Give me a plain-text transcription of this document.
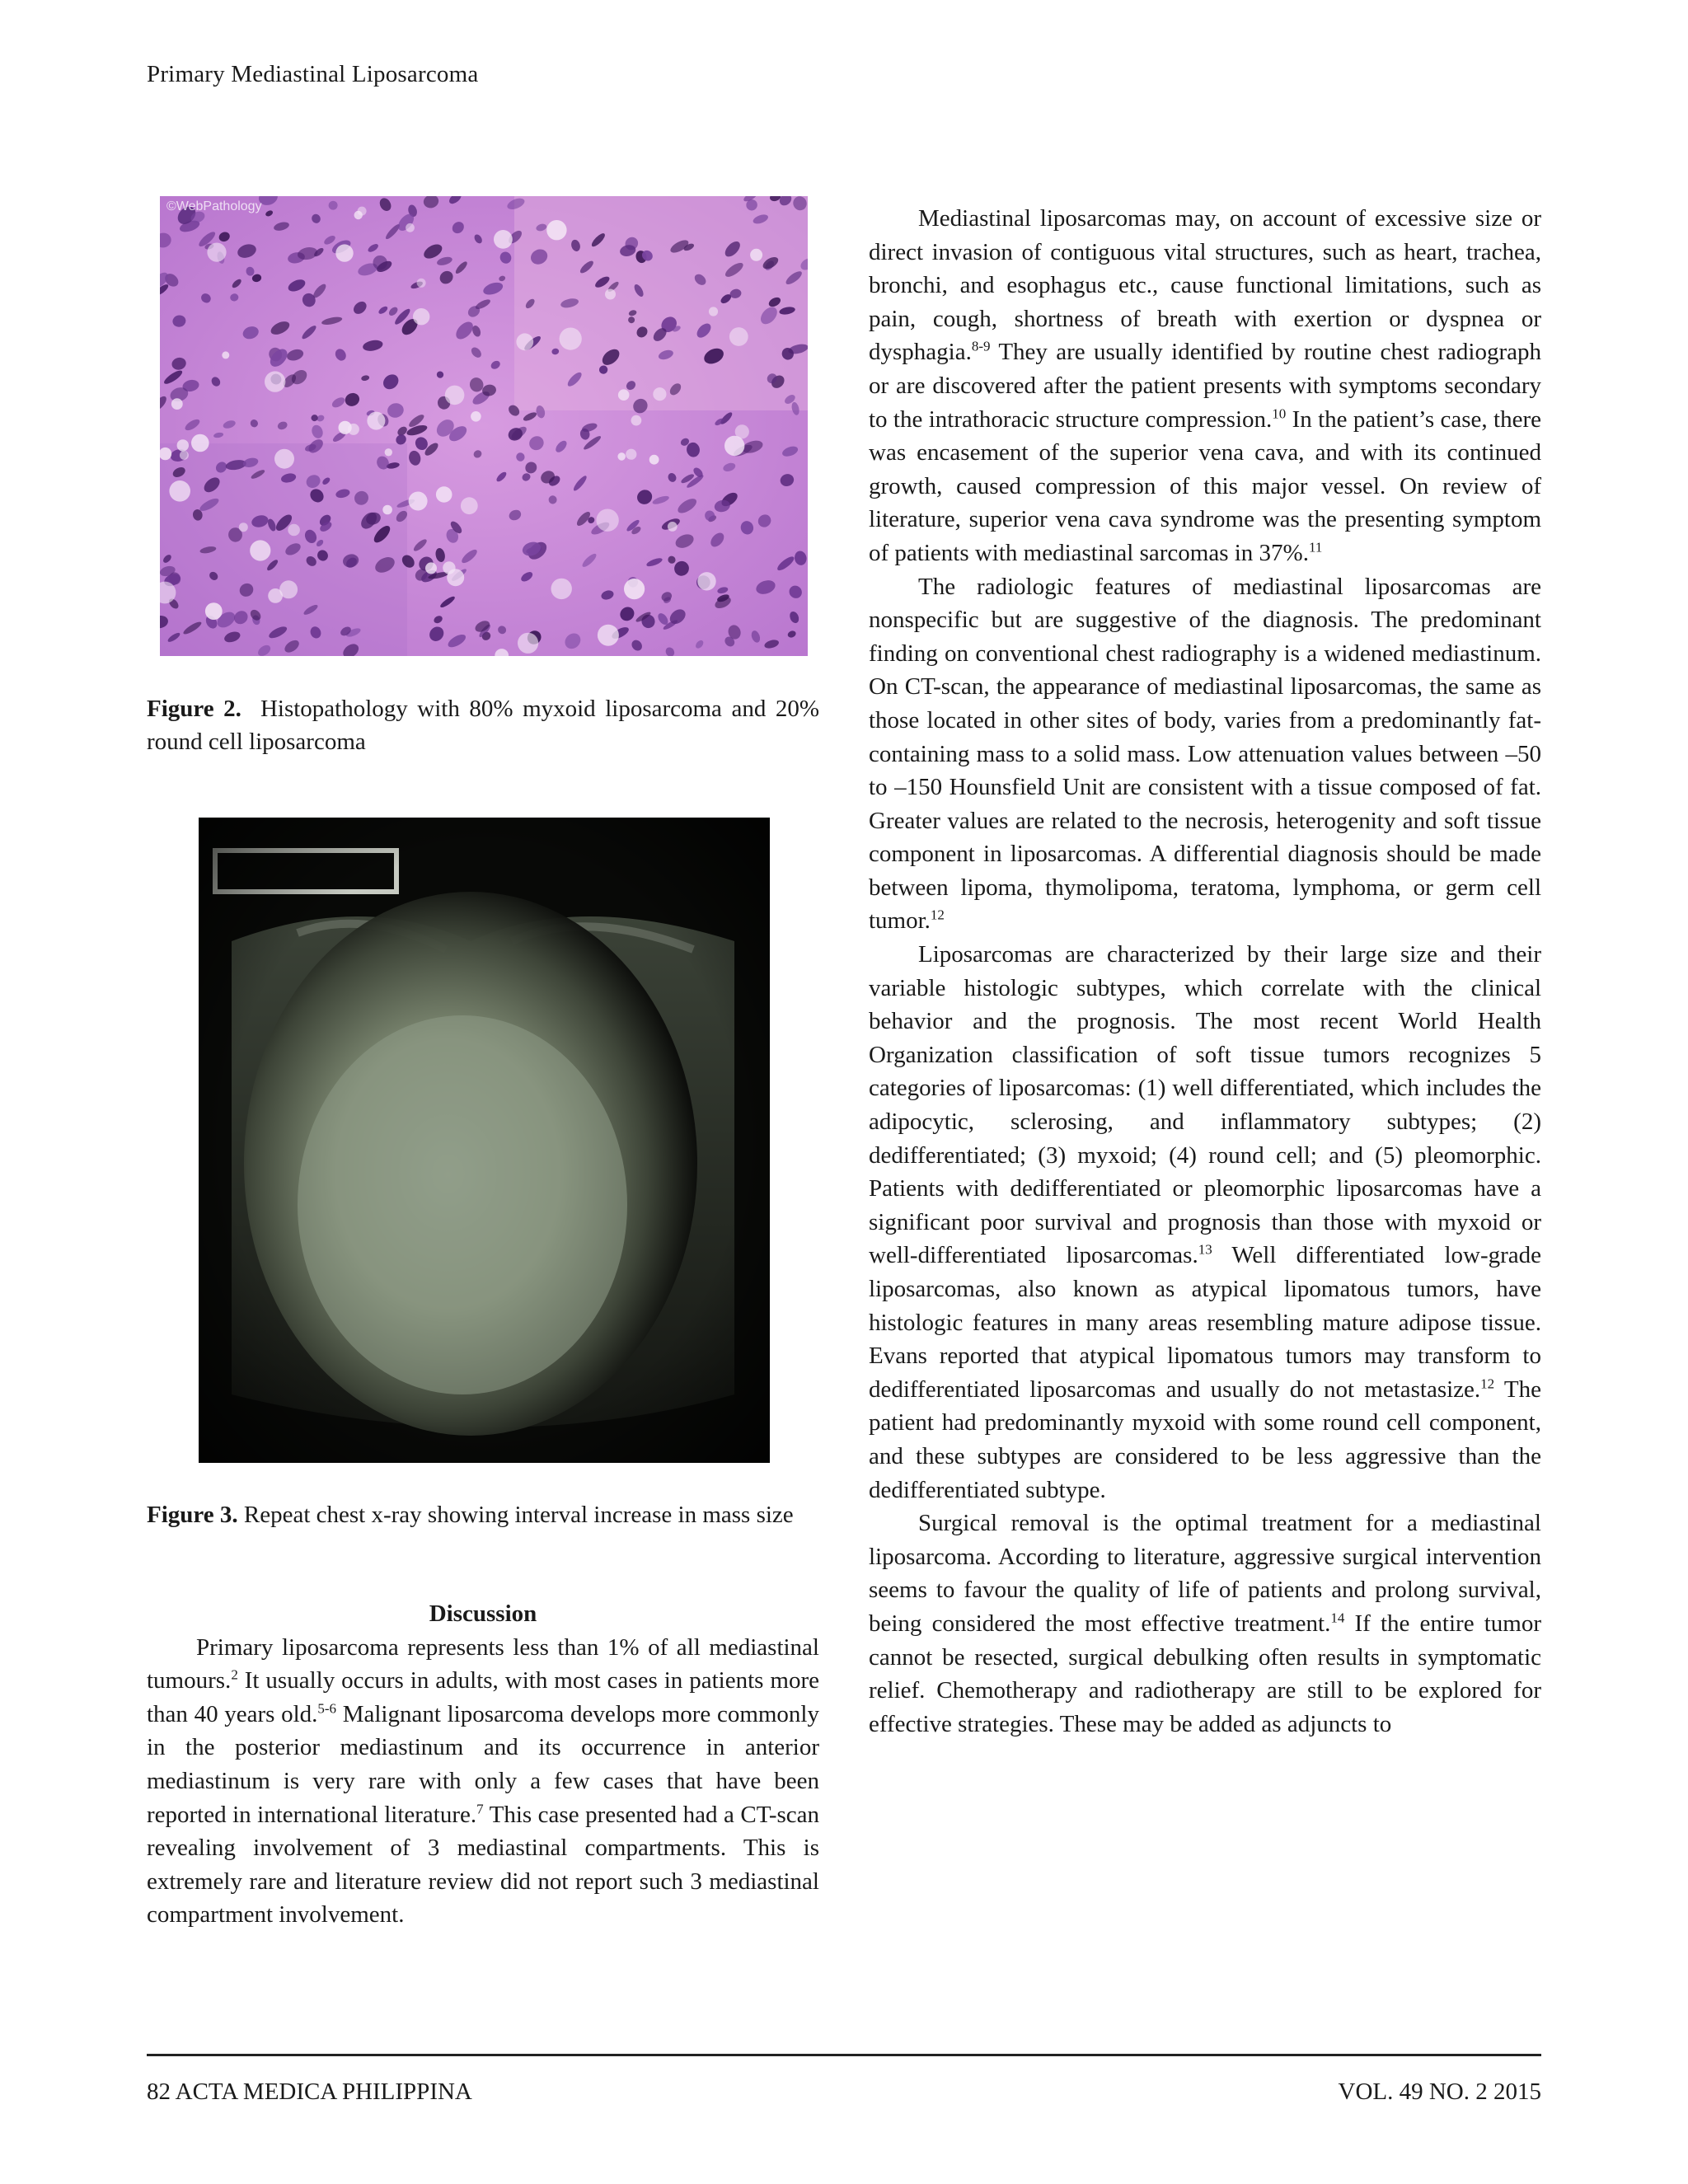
Primary Mediastinal Liposarcoma
©WebPathology
Figure 2. Histopathology with 80% myxoid liposarcoma and 20% round cell liposarcoma
Figure 3. Repeat chest x-ray showing interval increase in mass size

Discussion

Primary liposarcoma represents less than 1% of all mediastinal tumours.$^2$ It usually occurs in adults, with most cases in patients more than 40 years old.$^{5-6}$ Malignant liposarcoma develops more commonly in the posterior mediastinum and its occurrence in anterior mediastinum is very rare with only a few cases that have been reported in international literature.$^7$ This case presented had a CT-scan revealing involvement of 3 mediastinal compartments. This is extremely rare and literature review did not report such 3 mediastinal compartment involvement.

Mediastinal liposarcomas may, on account of excessive size or direct invasion of contiguous vital structures, such as heart, trachea, bronchi, and esophagus etc., cause functional limitations, such as pain, cough, shortness of breath with exertion or dyspnea or dysphagia.$^{8-9}$ They are usually identified by routine chest radiograph or are discovered after the patient presents with symptoms secondary to the intrathoracic structure compression.$^{10}$ In the patient’s case, there was encasement of the superior vena cava, and with its continued growth, caused compression of this major vessel. On review of literature, superior vena cava syndrome was the presenting symptom of patients with mediastinal sarcomas in 37%.$^{11}$

The radiologic features of mediastinal liposarcomas are nonspecific but are suggestive of the diagnosis. The predominant finding on conventional chest radiography is a widened mediastinum. On CT-scan, the appearance of mediastinal liposarcomas, the same as those located in other sites of body, varies from a predominantly fat-containing mass to a solid mass. Low attenuation values between –50 to –150 Hounsfield Unit are consistent with a tissue composed of fat. Greater values are related to the necrosis, heterogenity and soft tissue component in liposarcomas. A differential diagnosis should be made between lipoma, thymolipoma, teratoma, lymphoma, or germ cell tumor.$^{12}$

Liposarcomas are characterized by their large size and their variable histologic subtypes, which correlate with the clinical behavior and the prognosis. The most recent World Health Organization classification of soft tissue tumors recognizes 5 categories of liposarcomas: (1) well differentiated, which includes the adipocytic, sclerosing, and inflammatory subtypes; (2) dedifferentiated; (3) myxoid; (4) round cell; and (5) pleomorphic. Patients with dedifferentiated or pleomorphic liposarcomas have a significant poor survival and prognosis than those with myxoid or well-differentiated liposarcomas.$^{13}$ Well differentiated low-grade liposarcomas, also known as atypical lipomatous tumors, have histologic features in many areas resembling mature adipose tissue. Evans reported that atypical lipomatous tumors may transform to dedifferentiated liposarcomas and usually do not metastasize.$^{12}$ The patient had predominantly myxoid with some round cell component, and these subtypes are considered to be less aggressive than the dedifferentiated subtype.

Surgical removal is the optimal treatment for a mediastinal liposarcoma. According to literature, aggressive surgical intervention seems to favour the quality of life of patients and prolong survival, being considered the most effective treatment.$^{14}$ If the entire tumor cannot be resected, surgical debulking often results in symptomatic relief. Chemotherapy and radiotherapy are still to be explored for effective strategies. These may be added as adjuncts to

82 ACTA MEDICA PHILIPPINA	VOL. 49 NO. 2 2015
